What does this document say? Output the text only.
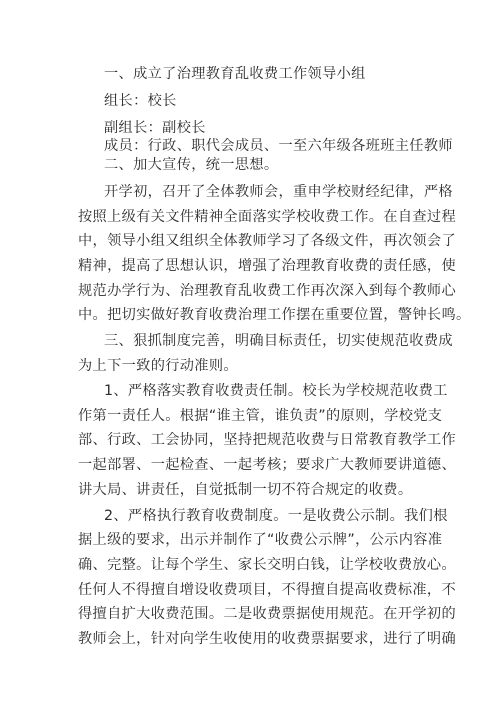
一、成立了治理教育乱收费工作领导小组
组长：校长
副组长：副校长
成员：行政、职代会成员、一至六年级各班班主任教师
二、加大宣传，统一思想。
开学初，召开了全体教师会，重申学校财经纪律，严格
按照上级有关文件精神全面落实学校收费工作。在自查过程
中，领导小组又组织全体教师学习了各级文件，再次领会了
精神，提高了思想认识，增强了治理教育收费的责任感，使
规范办学行为、治理教育乱收费工作再次深入到每个教师心
中。把切实做好教育收费治理工作摆在重要位置，警钟长鸣。
三、狠抓制度完善，明确目标责任，切实使规范收费成
为上下一致的行动准则。
1、严格落实教育收费责任制。校长为学校规范收费工
作第一责任人。根据“谁主管，谁负责”的原则，学校党支
部、行政、工会协同，坚持把规范收费与日常教育教学工作
一起部署、一起检查、一起考核；要求广大教师要讲道德、
讲大局、讲责任，自觉抵制一切不符合规定的收费。
2、严格执行教育收费制度。一是收费公示制。我们根
据上级的要求，出示并制作了“收费公示牌”，公示内容准
确、完整。让每个学生、家长交明白钱，让学校收费放心。
任何人不得擅自增设收费项目，不得擅自提高收费标准，不
得擅自扩大收费范围。二是收费票据使用规范。在开学初的
教师会上，针对向学生收使用的收费票据要求，进行了明确
